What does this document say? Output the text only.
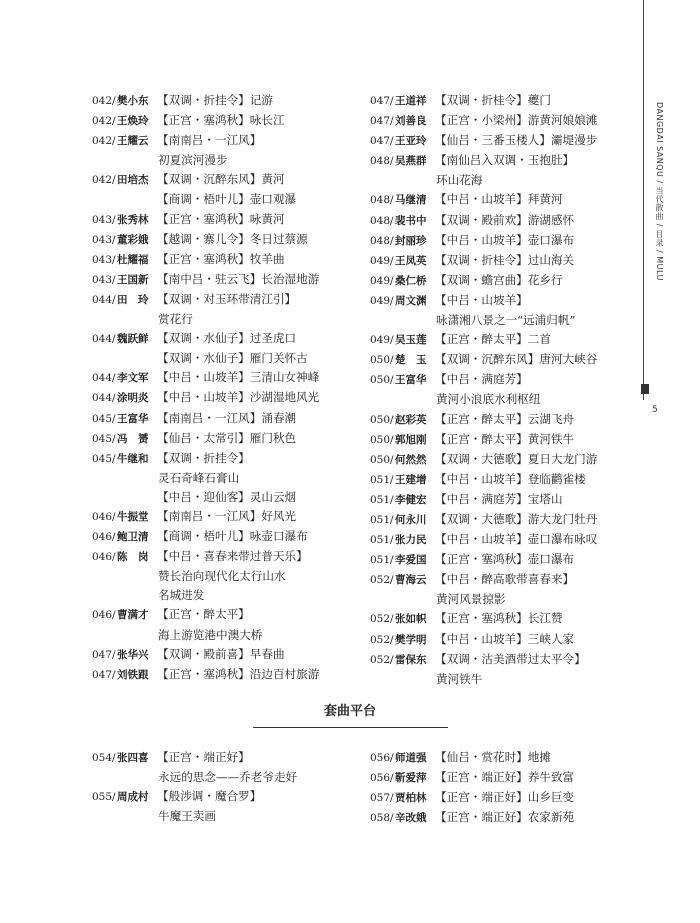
DANGDAI SANQU / 当代散曲 / 目录 / MULU
5
042/樊小东 【双调・折挂令】记游
042/王焕玲 【正宫・塞鸿秋】咏长江
042/王耀云 【南南吕・一江风】
初夏滨河漫步
042/田培杰 【双调・沉醉东风】黄河
【商调・梧叶儿】壶口观瀑
043/张秀林 【正宫・塞鸿秋】咏黄河
043/董彩娥 【越调・寨儿令】冬日过蔡源
043/杜耀福 【正宫・塞鸿秋】牧羊曲
043/王国新 【南中吕・驻云飞】长治湿地游
044/田　玲 【双调・对玉环带清江引】
赏花行
044/魏跃鲜 【双调・水仙子】过圣虎口
【双调・水仙子】雁门关怀古
044/李文军 【中吕・山坡羊】三清山女神峰
044/涂明炎 【中吕・山坡羊】沙湖湿地风光
045/王富华 【南南吕・一江风】涌春潮
045/冯　赟 【仙吕・太常引】雁门秋色
045/牛继和 【双调・折挂令】
灵石奇峰石膏山
【中吕・迎仙客】灵山云烟
046/牛振堂 【南南吕・一江风】好风光
046/鲍卫清 【商调・梧叶儿】咏壶口瀑布
046/陈　岗 【中吕・喜春来带过普天乐】
赞长治向现代化太行山水
名城进发
046/曹满才 【正宫・醉太平】
海上游览港中澳大桥
047/张华兴 【双调・殿前喜】早春曲
047/刘铁跟 【正宫・塞鸿秋】沿边百村旅游
047/王道祥 【双调・折桂令】夔门
047/刘善良 【正宫・小梁州】游黄河娘娘滩
047/王亚玲 【仙吕・三番玉楼人】灞堤漫步
048/吴燕群 【南仙吕入双调・玉抱肚】
环山花海
048/马继清 【中吕・山坡羊】拜黄河
048/裴书中 【双调・殿前欢】游湖感怀
048/封丽珍 【中吕・山坡羊】壶口瀑布
049/王凤英 【双调・折桂令】过山海关
049/桑仁桥 【双调・蟾宫曲】花乡行
049/周文渊 【中吕・山坡羊】
咏潇湘八景之一“远浦归帆”
049/吴玉莲 【正宫・醉太平】二首
050/楚　玉 【双调・沉醉东风】唐河大峡谷
050/王富华 【中吕・满庭芳】
黄河小浪底水利枢纽
050/赵彩英 【正宫・醉太平】云湖飞舟
050/郭旭刚 【正宫・醉太平】黄河铁牛
050/何然然 【双调・大德歌】夏日大龙门游
051/王建增 【中吕・山坡羊】登临鹳雀楼
051/李健宏 【中吕・满庭芳】宝塔山
051/何永川 【双调・大德歌】游大龙门牡丹
051/张力民 【中吕・山坡羊】壶口瀑布咏叹
051/李爱国 【正宫・塞鸿秋】壶口瀑布
052/曹海云 【中吕・醉高歌带喜春来】
黄河风景掠影
052/张如帜 【正宫・塞鸿秋】长江赞
052/樊学明 【中吕・山坡羊】三峡人家
052/雷保东 【双调・沽美酒带过太平令】
黄河铁牛
套曲平台
054/张四喜 【正宫・端正好】
永远的思念——乔老爷走好
055/周成村 【般涉调・魔合罗】
牛魔王卖画
056/师道强 【仙吕・赏花时】地摊
056/靳爱萍 【正宫・端正好】养牛致富
057/贾柏林 【正宫・端正好】山乡巨变
058/辛改娥 【正宫・端正好】农家新苑
